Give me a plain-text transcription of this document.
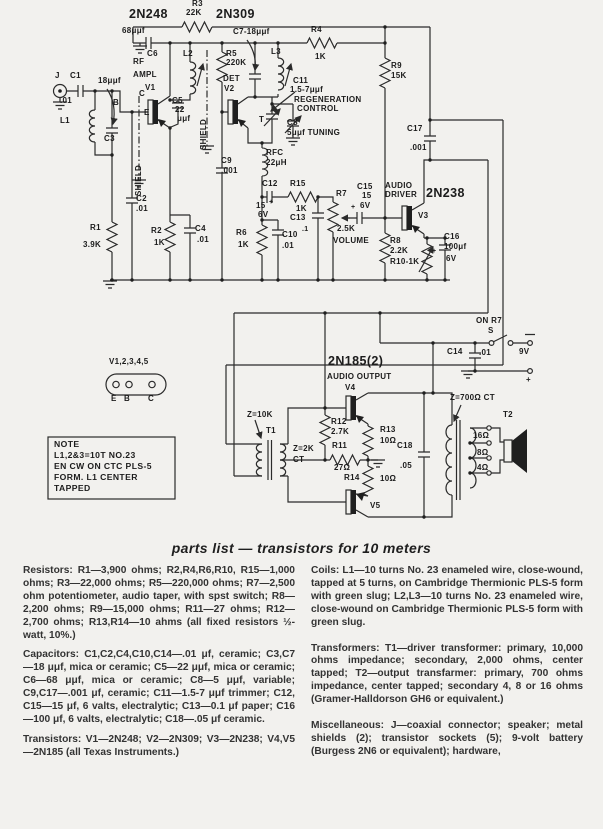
2N248	2N309
R3
22K
68μμf
C6
RF
AMPL
V1
J C1
.01
18μμf
L1
C3
B
C
E
C5
22
μμf
L2	R5
220K
C7-18μμf
L3
DET
V2
R4
1K
R9
15K
T
C11
1.5-7μμf
REGENERATION
CONTROL
C8
5μμf TUNING
RFC
22μH
C9
.001
R1
3.9K
C2
.01
R2
1K
C4
.01
R6
1K
C10
.01
C12 R15
15 +
6V
1K
C13
.1
R7
2.5K
VOLUME
C15
15
+ 6V
AUDIO
DRIVER 2N238
V3
R8
2.2K
R10-1K
C16
100μf
+
6V
C17
.001
ON R7
S
C14 .01	9V
+
2N185(2)
AUDIO OUTPUT
V4
V5
Z=10K
T1
Z=2K
CT
R12
2.7K
R11
27Ω
R13
10Ω
R14	10Ω
C18
.05
Z=700Ω CT
T2
16Ω
8Ω
4Ω
V1,2,3,4,5
E B C
NOTE
L1,2&3=10T NO.23
EN CW ON CTC PLS-5
FORM. L1 CENTER
TAPPED
SHIELD
SHIELD
parts list — transistors for 10 meters

Resistors: R1—3,900 ohms; R2,R4,R6,R10, R15—1,000 ohms; R3—22,000 ohms; R5—220,000 ohms; R7—2,500 ohm potentiometer, audio taper, with spst switch; R8—2,200 ohms; R9—15,000 ohms; R11—27 ohms; R12—2,700 ohms; R13,R14—10 ahms (all fixed resistors ½-watt, 10%.)

Capacitors: C1,C2,C4,C10,C14—.01 μf, ceramic; C3,C7—18 μμf, mica or ceramic; C5—22 μμf, mica or ceramic; C6—68 μμf, mica or ceramic; C8—5 μμf, variable; C9,C17—.001 μf, ceramic; C11—1.5-7 μμf trimmer; C12, C15—15 μf, 6 valts, electralytic; C13—0.1 μf paper; C16—100 μf, 6 valts, electralytic; C18—.05 μf ceramic.

Transistors: V1—2N248; V2—2N309; V3—2N238; V4,V5—2N185 (all Texas Instruments.)

Coils: L1—10 turns No. 23 enameled wire, close-wound, tapped at 5 turns, on Cambridge Thermionic PLS-5 form with green slug; L2,L3—10 turns No. 23 enameled wire, close-wound on Cambridge Thermionic PLS-5 form with green slug.

Transformers: T1—driver transformer: primary, 10,000 ohms impedance; secondary, 2,000 ohms, center tapped; T2—output transfarmer: primary, 700 ohms impedance, center tapped; secondary 4, 8 or 16 ohms (Gramer-Halldorson GH6 or equivalent.)

Miscellaneous: J—coaxial connector; speaker; metal shields (2); transistor sockets (5); 9-volt battery (Burgess 2N6 or equivalent); hardware,
